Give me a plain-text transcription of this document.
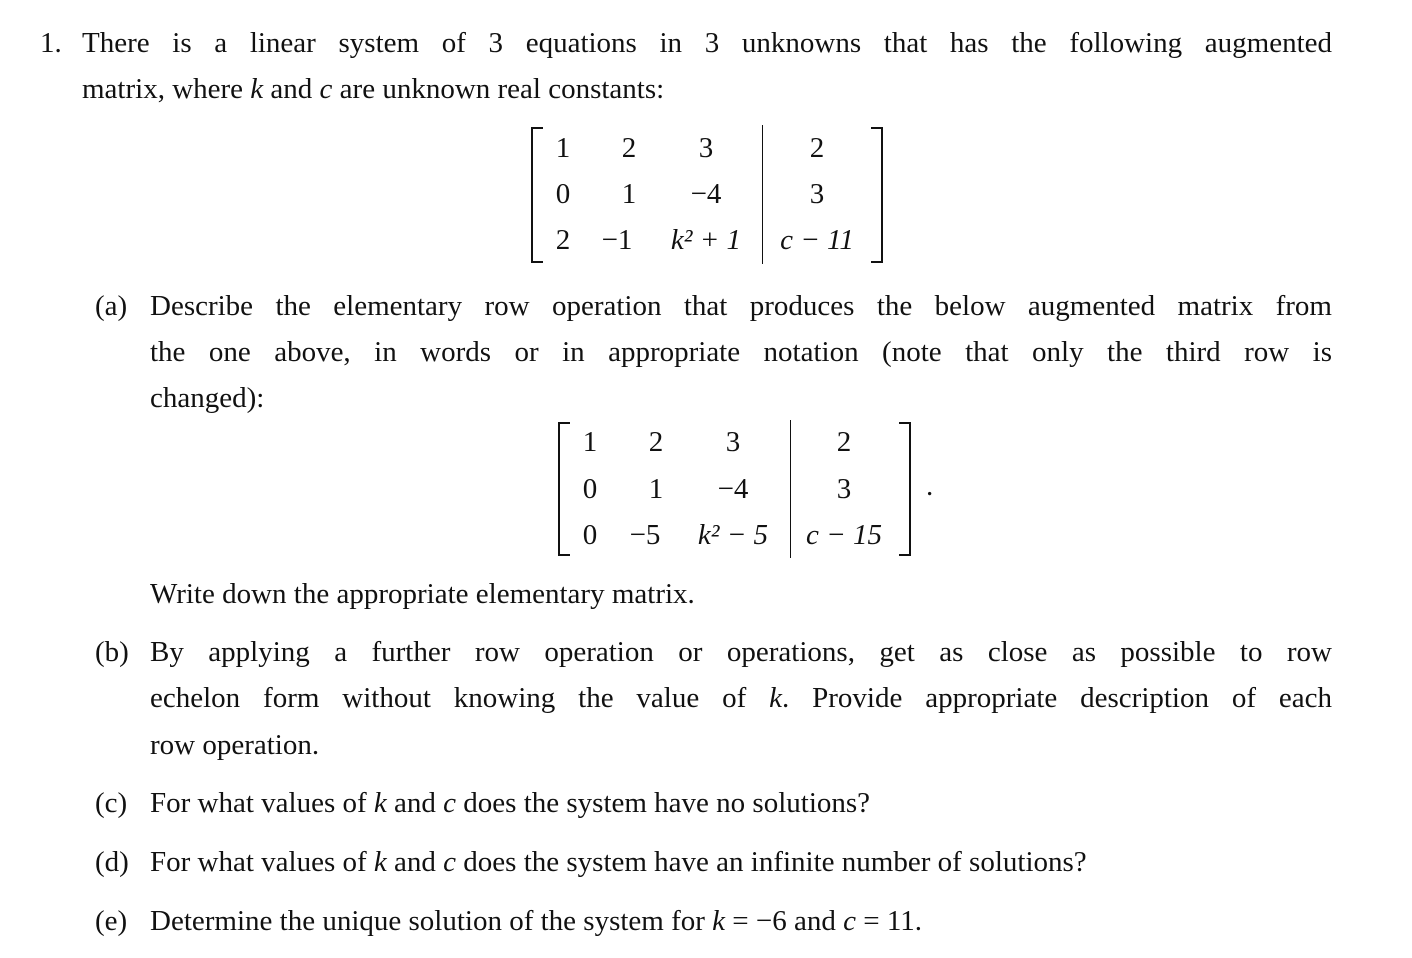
1. There is a linear system of 3 equations in 3 unknowns that has the following augmented
matrix, where k and c are unknown real constants:
1	2	3	2
0	1	−4	3
2	−1	k² + 1	c − 11
(a) Describe the elementary row operation that produces the below augmented matrix from
the one above, in words or in appropriate notation (note that only the third row is
changed):
1	2	3	2
0	1	−4	3
0	−5	k² − 5	c − 15
.
Write down the appropriate elementary matrix.
(b) By applying a further row operation or operations, get as close as possible to row
echelon form without knowing the value of k. Provide appropriate description of each
row operation.
(c) For what values of k and c does the system have no solutions?
(d) For what values of k and c does the system have an infinite number of solutions?
(e) Determine the unique solution of the system for k = −6 and c = 11.
